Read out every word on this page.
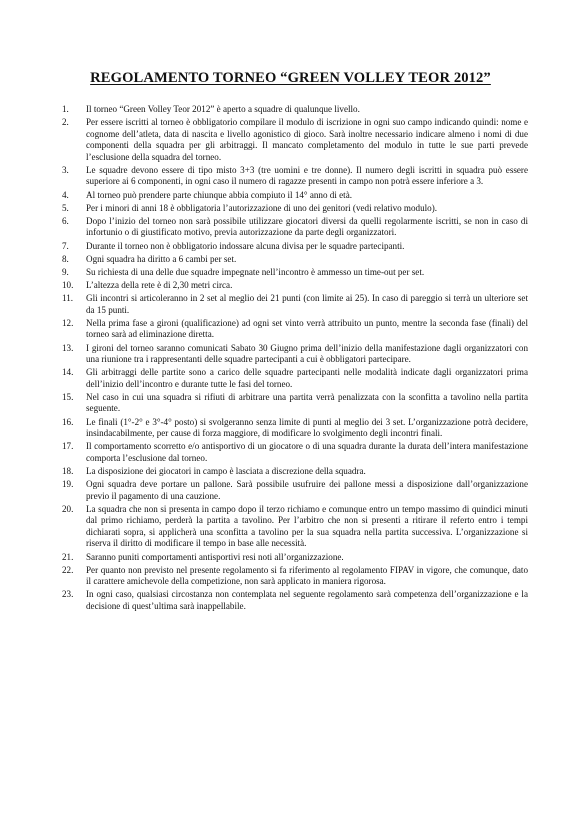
REGOLAMENTO TORNEO “GREEN VOLLEY TEOR 2012”
1.	Il torneo “Green Volley Teor 2012” è aperto a squadre di qualunque livello.
2.	Per essere iscritti al torneo è obbligatorio compilare il modulo di iscrizione in ogni suo campo indicando quindi: nome e cognome dell’atleta, data di nascita e livello agonistico di gioco. Sarà inoltre necessario indicare almeno i nomi di due componenti della squadra per gli arbitraggi. Il mancato completamento del modulo in tutte le sue parti prevede l’esclusione della squadra del torneo.
3.	Le squadre devono essere di tipo misto 3+3 (tre uomini e tre donne). Il numero degli iscritti in squadra può essere superiore ai 6 componenti, in ogni caso il numero di ragazze presenti in campo non potrà essere inferiore a 3.
4.	Al torneo può prendere parte chiunque abbia compiuto il 14° anno di età.
5.	Per i minori di anni 18 è obbligatoria l’autorizzazione di uno dei genitori (vedi relativo modulo).
6.	Dopo l’inizio del torneo non sarà possibile utilizzare giocatori diversi da quelli regolarmente iscritti, se non in caso di infortunio o di giustificato motivo, previa autorizzazione da parte degli organizzatori.
7.	Durante il torneo non è obbligatorio indossare alcuna divisa per le squadre partecipanti.
8.	Ogni squadra ha diritto a 6 cambi per set.
9.	Su richiesta di una delle due squadre impegnate nell’incontro è ammesso un time-out per set.
10.	L’altezza della rete è di 2,30 metri circa.
11.	Gli incontri si articoleranno in 2 set al meglio dei 21 punti (con limite ai 25). In caso di pareggio si terrà un ulteriore set da 15 punti.
12.	Nella prima fase a gironi (qualificazione) ad ogni set vinto verrà attribuito un punto, mentre la seconda fase (finali) del torneo sarà ad eliminazione diretta.
13.	I gironi del torneo saranno comunicati Sabato 30 Giugno prima dell’inizio della manifestazione dagli organizzatori con una riunione tra i rappresentanti delle squadre partecipanti a cui è obbligatori partecipare.
14.	Gli arbitraggi delle partite sono a carico delle squadre partecipanti nelle modalità indicate dagli organizzatori prima dell’inizio dell’incontro e durante tutte le fasi del torneo.
15.	Nel caso in cui una squadra si rifiuti di arbitrare una partita verrà penalizzata con la sconfitta a tavolino nella partita seguente.
16.	Le finali (1°-2° e 3°-4° posto) si svolgeranno senza limite di punti al meglio dei 3 set. L’organizzazione potrà decidere, insindacabilmente, per cause di forza maggiore, di modificare lo svolgimento degli incontri finali.
17.	Il comportamento scorretto e/o antisportivo di un giocatore o di una squadra durante la durata dell’intera manifestazione comporta l’esclusione dal torneo.
18.	La disposizione dei giocatori in campo è lasciata a discrezione della squadra.
19.	Ogni squadra deve portare un pallone. Sarà possibile usufruire dei pallone messi a disposizione dall’organizzazione previo il pagamento di una cauzione.
20.	La squadra che non si presenta in campo dopo il terzo richiamo e comunque entro un tempo massimo di quindici minuti dal primo richiamo, perderà la partita a tavolino. Per l’arbitro che non si presenti a ritirare il referto entro i tempi dichiarati sopra, si applicherà una sconfitta a tavolino per la sua squadra nella partita successiva. L’organizzazione si riserva il diritto di modificare il tempo in base alle necessità.
21.	Saranno puniti comportamenti antisportivi resi noti all’organizzazione.
22.	Per quanto non previsto nel presente regolamento si fa riferimento al regolamento FIPAV in vigore, che comunque, dato il carattere amichevole della competizione, non sarà applicato in maniera rigorosa.
23.	In ogni caso, qualsiasi circostanza non contemplata nel seguente regolamento sarà competenza dell’organizzazione e la decisione di quest’ultima sarà inappellabile.
